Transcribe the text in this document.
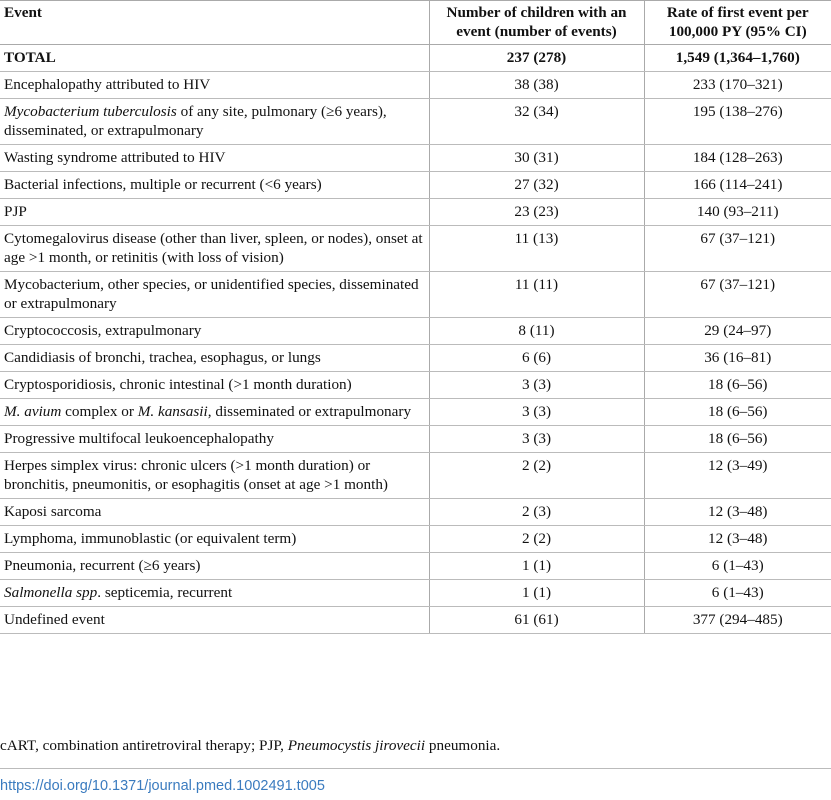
Event	Number of children with an event (number of events)	Rate of first event per 100,000 PY (95% CI)
TOTAL	237 (278)	1,549 (1,364–1,760)
Encephalopathy attributed to HIV	38 (38)	233 (170–321)
Mycobacterium tuberculosis of any site, pulmonary (≥6 years), disseminated, or extrapulmonary	32 (34)	195 (138–276)
Wasting syndrome attributed to HIV	30 (31)	184 (128–263)
Bacterial infections, multiple or recurrent (<6 years)	27 (32)	166 (114–241)
PJP	23 (23)	140 (93–211)
Cytomegalovirus disease (other than liver, spleen, or nodes), onset at age >1 month, or retinitis (with loss of vision)	11 (13)	67 (37–121)
Mycobacterium, other species, or unidentified species, disseminated or extrapulmonary	11 (11)	67 (37–121)
Cryptococcosis, extrapulmonary	8 (11)	29 (24–97)
Candidiasis of bronchi, trachea, esophagus, or lungs	6 (6)	36 (16–81)
Cryptosporidiosis, chronic intestinal (>1 month duration)	3 (3)	18 (6–56)
M. avium complex or M. kansasii, disseminated or extrapulmonary	3 (3)	18 (6–56)
Progressive multifocal leukoencephalopathy	3 (3)	18 (6–56)
Herpes simplex virus: chronic ulcers (>1 month duration) or bronchitis, pneumonitis, or esophagitis (onset at age >1 month)	2 (2)	12 (3–49)
Kaposi sarcoma	2 (3)	12 (3–48)
Lymphoma, immunoblastic (or equivalent term)	2 (2)	12 (3–48)
Pneumonia, recurrent (≥6 years)	1 (1)	6 (1–43)
Salmonella spp. septicemia, recurrent	1 (1)	6 (1–43)
Undefined event	61 (61)	377 (294–485)
cART, combination antiretroviral therapy; PJP, Pneumocystis jirovecii pneumonia.
https://doi.org/10.1371/journal.pmed.1002491.t005
